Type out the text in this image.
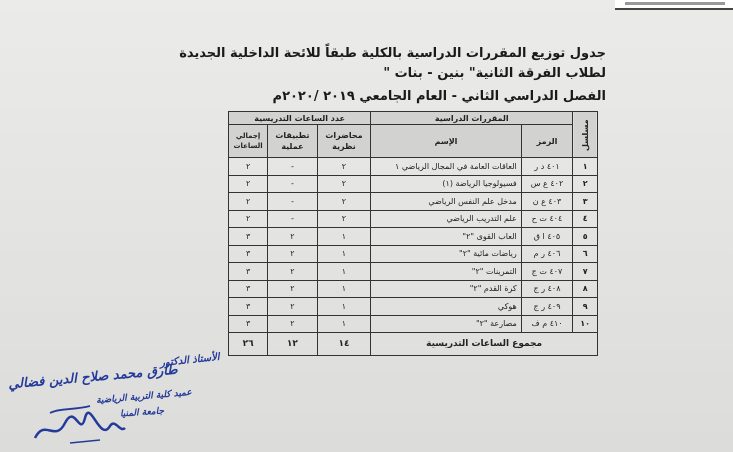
جدول توزيع المقررات الدراسية بالكلية طبقاً للائحة الداخلية الجديدة
لطلاب الفرقة الثانية" بنين - بنات "
الفصل الدراسي الثاني - العام الجامعي ٢٠١٩ /٢٠٢٠م
مسلسل	المقررات الدراسية		عدد الساعات التدريسية		
	الرمز	الإسم	محاضرات نظرية	تطبيقات عملية	إجمالي الساعات
١	٤٠١ د ر	العاقات العامة في المجال الرياضي ١	٢	-	٢
٢	٤٠٢ ع س	فسيولوجيا الرياضة (١)	٢	-	٢
٣	٤٠٣ ع ن	مدخل علم النفس الرياضي	٢	-	٢
٤	٤٠٤ ت ح	علم التدريب الرياضي	٢	-	٢
٥	٤٠٥ ا ق	العاب القوى "٢"	١	٢	٣
٦	٤٠٦ ر م	رياضات مائية "٢"	١	٢	٣
٧	٤٠٧ ت ج	التمرينات "٢"	١	٢	٣
٨	٤٠٨ ر ج	كرة القدم "٢"	١	٢	٣
٩	٤٠٩ ر ج	هوكي	١	٢	٣
١٠	٤١٠ م ف	مصارعة "٢"	١	٢	٣
مجموع الساعات التدريسية			١٤	١٢	٢٦
الأستاذ الدكتور
طارق محمد صلاح الدين فضالي
عميد كلية التربية الرياضية
جامعة المنيا
